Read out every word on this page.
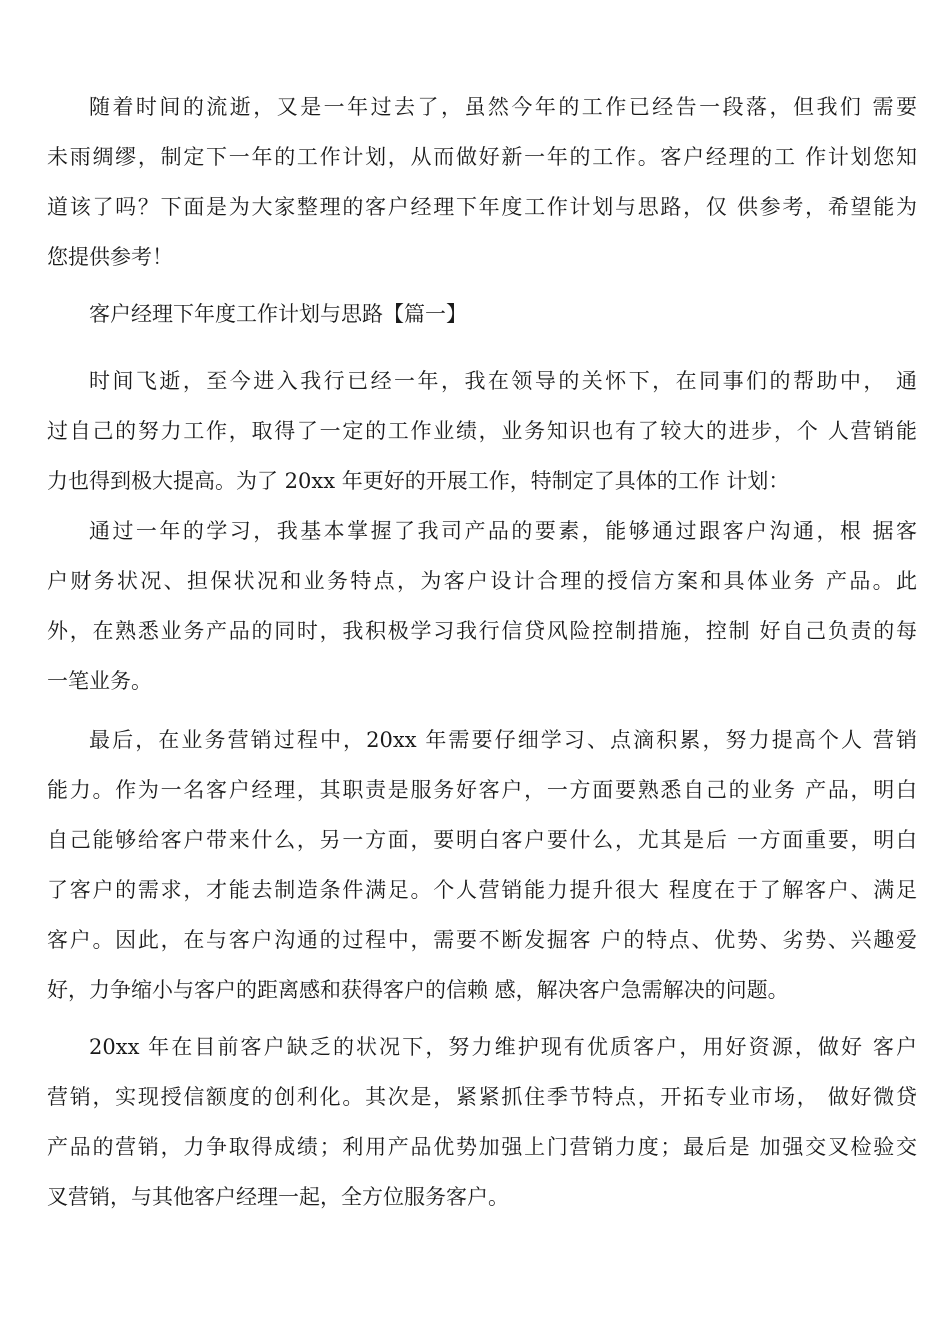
随着时间的流逝，又是一年过去了，虽然今年的工作已经告一段落，但我们 需要
未雨绸缪，制定下一年的工作计划，从而做好新一年的工作。客户经理的工 作计划您知
道该了吗？下面是为大家整理的客户经理下年度工作计划与思路，仅 供参考，希望能为
您提供参考！
客户经理下年度工作计划与思路【篇一】
时间飞逝，至今进入我行已经一年，我在领导的关怀下，在同事们的帮助中， 通
过自己的努力工作，取得了一定的工作业绩，业务知识也有了较大的进步，个 人营销能
力也得到极大提高。为了 20xx 年更好的开展工作，特制定了具体的工作 计划：
通过一年的学习，我基本掌握了我司产品的要素，能够通过跟客户沟通，根 据客
户财务状况、担保状况和业务特点，为客户设计合理的授信方案和具体业务 产品。此
外，在熟悉业务产品的同时，我积极学习我行信贷风险控制措施，控制 好自己负责的每
一笔业务。
最后，在业务营销过程中，20xx 年需要仔细学习、点滴积累，努力提高个人 营销
能力。作为一名客户经理，其职责是服务好客户，一方面要熟悉自己的业务 产品，明白
自己能够给客户带来什么，另一方面，要明白客户要什么，尤其是后 一方面重要，明白
了客户的需求，才能去制造条件满足。个人营销能力提升很大 程度在于了解客户、满足
客户。因此，在与客户沟通的过程中，需要不断发掘客 户的特点、优势、劣势、兴趣爱
好，力争缩小与客户的距离感和获得客户的信赖 感，解决客户急需解决的问题。
20xx 年在目前客户缺乏的状况下，努力维护现有优质客户，用好资源，做好 客户
营销，实现授信额度的创利化。其次是，紧紧抓住季节特点，开拓专业市场， 做好微贷
产品的营销，力争取得成绩；利用产品优势加强上门营销力度；最后是 加强交叉检验交
叉营销，与其他客户经理一起，全方位服务客户。
